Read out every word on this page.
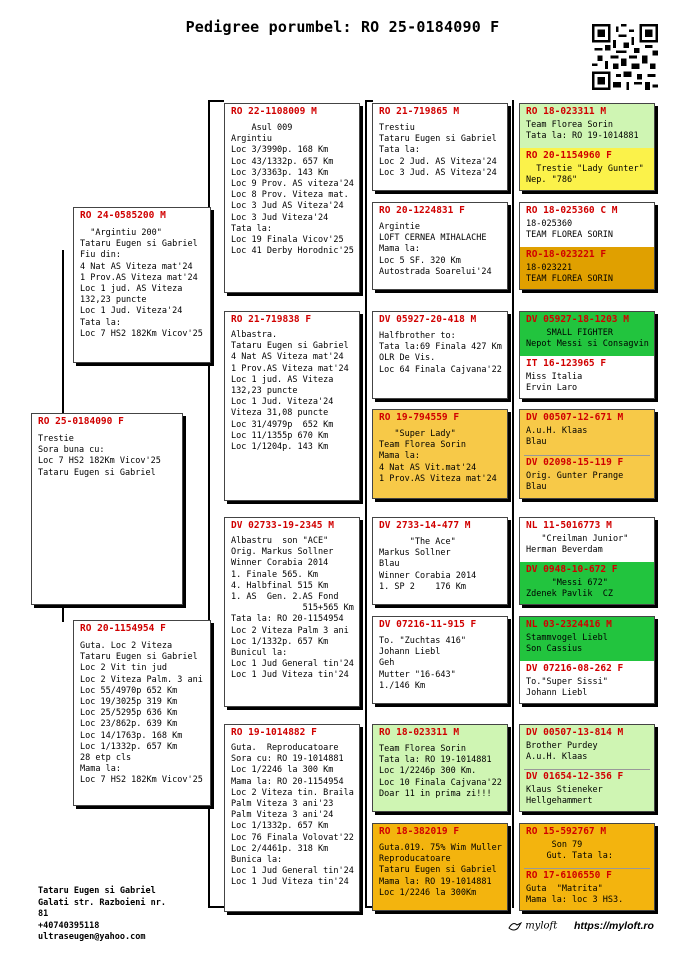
Pedigree porumbel: RO 25-0184090 F
RO 25-0184090 F
Trestie
Sora buna cu:
Loc 7 HS2 182Km Vicov'25
Tataru Eugen si Gabriel
RO 24-0585200 M
"Argintiu 200"
Tataru Eugen si Gabriel
Fiu din:
4 Nat AS Viteza mat'24
1 Prov.AS Viteza mat'24
Loc 1 jud. AS Viteza
132,23 puncte
Loc 1 Jud. Viteza'24
Tata la:
Loc 7 HS2 182Km Vicov'25
RO 20-1154954 F
Guta. Loc 2 Viteza
Tataru Eugen si Gabriel
Loc 2 Vit tin jud
Loc 2 Viteza Palm. 3 ani
Loc 55/4970p 652 Km
Loc 19/3025p 319 Km
Loc 25/5295p 636 Km
Loc 23/862p. 639 Km
Loc 14/1763p. 168 Km
Loc 1/1332p. 657 Km
28 etp cls
Mama la:
Loc 7 HS2 182Km Vicov'25
RO 22-1108009 M
Asul 009
Argintiu
Loc 3/3990p. 168 Km
Loc 43/1332p. 657 Km
Loc 3/3363p. 143 Km
Loc 9 Prov. AS viteza'24
Loc 8 Prov. Viteza mat.
Loc 3 Jud AS Viteza'24
Loc 3 Jud Viteza'24
Tata la:
Loc 19 Finala Vicov'25
Loc 41 Derby Horodnic'25
RO 21-719838 F
Albastra.
Tataru Eugen si Gabriel
4 Nat AS Viteza mat'24
1 Prov.AS Viteza mat'24
Loc 1 jud. AS Viteza
132,23 puncte
Loc 1 Jud. Viteza'24
Viteza 31,08 puncte
Loc 31/4979p  652 Km
Loc 11/1355p 670 Km
Loc 1/1204p. 143 Km
DV 02733-19-2345 M
Albastru  son "ACE"
Orig. Markus Sollner
Winner Corabia 2014
1. Finale 565. Km
4. Halbfinal 515 Km
1. AS  Gen. 2.AS Fond
515+565 Km
Tata la: RO 20-1154954
Loc 2 Viteza Palm 3 ani
Loc 1/1332p. 657 Km
Bunicul la:
Loc 1 Jud General tin'24
Loc 1 Jud Viteza tin'24
RO 19-1014882 F
Guta.  Reproducatoare
Sora cu: RO 19-1014881
Loc 1/2246 la 300 Km
Mama la: RO 20-1154954
Loc 2 Viteza tin. Braila
Palm Viteza 3 ani'23
Palm Viteza 3 ani'24
Loc 1/1332p. 657 Km
Loc 76 Finala Volovat'22
Loc 2/4461p. 318 Km
Bunica la:
Loc 1 Jud General tin'24
Loc 1 Jud Viteza tin'24
RO 21-719865 M
Trestiu
Tataru Eugen si Gabriel
Tata la:
Loc 2 Jud. AS Viteza'24
Loc 3 Jud. AS Viteza'24
RO 20-1224831 F
Argintie
LOFT CERNEA MIHALACHE
Mama la:
Loc 5 SF. 320 Km
Autostrada Soarelui'24
DV 05927-20-418 M
Halfbrother to:
Tata la:69 Finala 427 Km
OLR De Vis.
Loc 64 Finala Cajvana'22
RO 19-794559 F
"Super Lady"
Team Florea Sorin
Mama la:
4 Nat AS Vit.mat'24
1 Prov.AS Viteza mat'24
DV 2733-14-477 M
"The Ace"
Markus Sollner
Blau
Winner Corabia 2014
1. SP 2    176 Km
DV 07216-11-915 F
To. "Zuchtas 416"
Johann Liebl
Geh
Mutter "16-643"
1./146 Km
RO 18-023311 M
Team Florea Sorin
Tata la: RO 19-1014881
Loc 1/2246p 300 Km.
Loc 10 Finala Cajvana'22
Doar 11 in prima zi!!!
RO 18-382019 F
Guta.019. 75% Wim Muller
Reproducatoare
Tataru Eugen si Gabriel
Mama la: RO 19-1014881
Loc 1/2246 la 300Km
RO 18-023311 M
Team Florea Sorin
Tata la: RO 19-1014881
RO 20-1154960 F
Trestie "Lady Gunter"
Nep. "786"
RO 18-025360 C M
18-025360
TEAM FLOREA SORIN
RO-18-023221 F
18-023221
TEAM FLOREA SORIN
DV 05927-18-1203 M
SMALL FIGHTER
Nepot Messi si Consagvin
IT 16-123965 F
Miss Italia
Ervin Laro
DV 00507-12-671 M
A.u.H. Klaas
Blau
DV 02098-15-119 F
Orig. Gunter Prange
Blau
NL 11-5016773 M
"Creilman Junior"
Herman Beverdam
DV 0948-10-672 F
"Messi 672"
Zdenek Pavlik  CZ
NL 03-2324416 M
Stammvogel Liebl
Son Cassius
DV 07216-08-262 F
To."Super Sissi"
Johann Liebl
DV 00507-13-814 M
Brother Purdey
A.u.H. Klaas
DV 01654-12-356 F
Klaus Stieneker
Hellgehammert
RO 15-592767 M
Son 79
Gut. Tata la:
RO 17-6106550 F
Guta  "Matrita"
Mama la: loc 3 HS3.
Tataru Eugen si Gabriel
Galati str. Razboieni nr.
81
+40740395118
ultraseugen@yahoo.com
myloft https://myloft.ro
